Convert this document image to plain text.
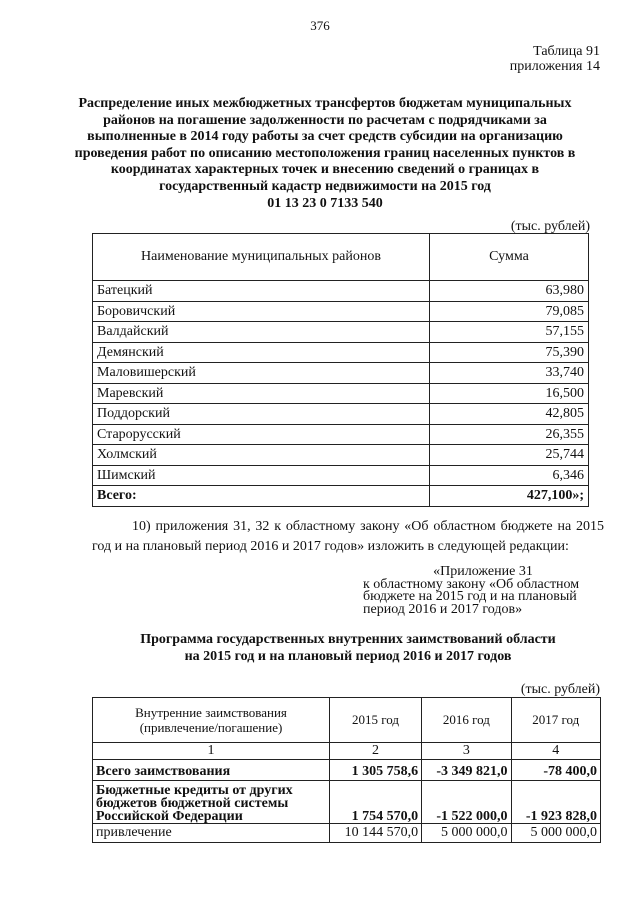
376
Таблица 91
приложения 14
Распределение иных межбюджетных трансфертов бюджетам муниципальных районов на погашение задолженности по расчетам с подрядчиками за выполненные в 2014 году работы за счет средств субсидии на организацию проведения работ по описанию местоположения границ населенных пунктов в координатах характерных точек и внесению сведений о границах в государственный кадастр недвижимости на 2015 год
01 13 23 0 7133 540
(тыс. рублей)
Наименование муниципальных районов	Сумма
Батецкий	63,980
Боровичский	79,085
Валдайский	57,155
Демянский	75,390
Маловишерский	33,740
Маревский	16,500
Поддорский	42,805
Старорусский	26,355
Холмский	25,744
Шимский	6,346
Всего:	427,100»;
10) приложения 31, 32 к областному закону «Об областном бюджете на 2015 год и на плановый период 2016 и 2017 годов» изложить в следующей редакции:
«Приложение 31
к областному закону «Об областном бюджете на 2015 год и на плановый период 2016 и 2017 годов»
Программа государственных внутренних заимствований области
на 2015 год и на плановый период 2016 и 2017 годов
(тыс. рублей)
Внутренние заимствования (привлечение/погашение)	2015 год	2016 год	2017 год
1	2	3	4
Всего заимствования	1 305 758,6	-3 349 821,0	-78 400,0
Бюджетные кредиты от других бюджетов бюджетной системы Российской Федерации	1 754 570,0	-1 522 000,0	-1 923 828,0
привлечение	10 144 570,0	5 000 000,0	5 000 000,0
